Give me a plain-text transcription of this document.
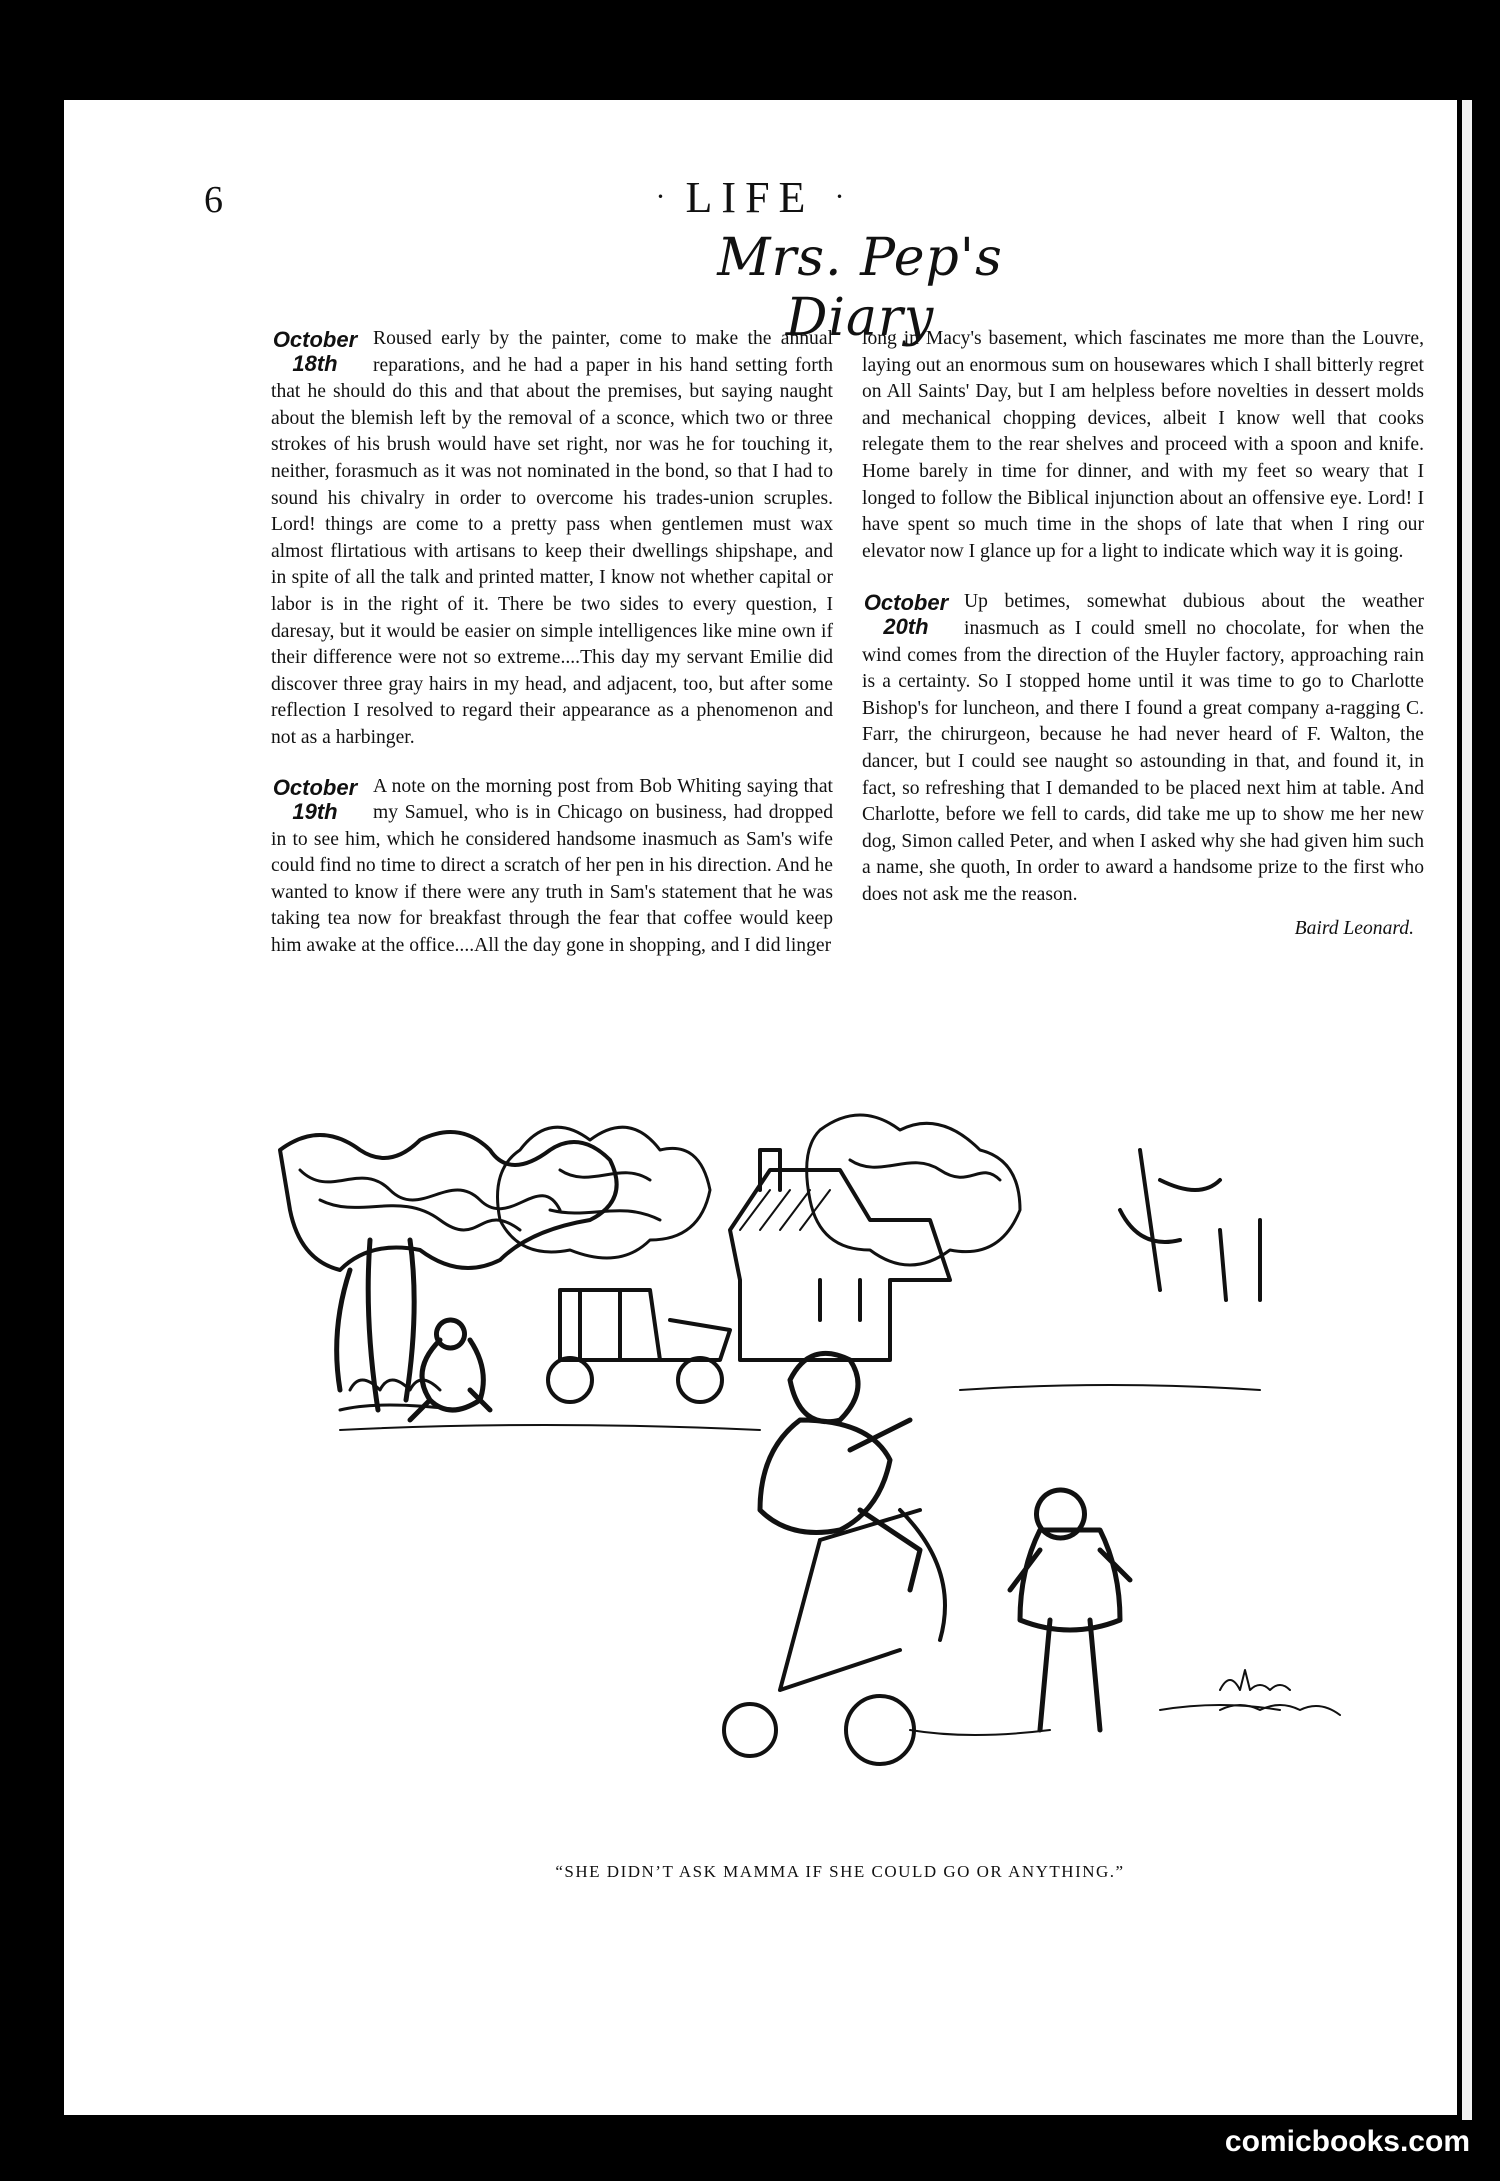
6	· LIFE ·
Mrs. Pep's Diary
October
18th

Roused early by the painter, come to make the annual reparations, and he had a paper in his hand setting forth that he should do this and that about the premises, but saying naught about the blemish left by the removal of a sconce, which two or three strokes of his brush would have set right, nor was he for touching it, neither, forasmuch as it was not nominated in the bond, so that I had to sound his chivalry in order to overcome his trades-union scruples. Lord! things are come to a pretty pass when gentlemen must wax almost flirtatious with artisans to keep their dwellings shipshape, and in spite of all the talk and printed matter, I know not whether capital or labor is in the right of it. There be two sides to every question, I daresay, but it would be easier on simple intelligences like mine own if their difference were not so extreme....This day my servant Emilie did discover three gray hairs in my head, and adjacent, too, but after some reflection I resolved to regard their appearance as a phenomenon and not as a harbinger.

October
19th

A note on the morning post from Bob Whiting saying that my Samuel, who is in Chicago on business, had dropped in to see him, which he considered handsome inasmuch as Sam's wife could find no time to direct a scratch of her pen in his direction. And he wanted to know if there were any truth in Sam's statement that he was taking tea now for breakfast through the fear that coffee would keep him awake at the office....All the day gone in shopping, and I did linger

long in Macy's basement, which fascinates me more than the Louvre, laying out an enormous sum on housewares which I shall bitterly regret on All Saints' Day, but I am helpless before novelties in dessert molds and mechanical chopping devices, albeit I know well that cooks relegate them to the rear shelves and proceed with a spoon and knife. Home barely in time for dinner, and with my feet so weary that I longed to follow the Biblical injunction about an offensive eye. Lord! I have spent so much time in the shops of late that when I ring our elevator now I glance up for a light to indicate which way it is going.

October
20th

Up betimes, somewhat dubious about the weather inasmuch as I could smell no chocolate, for when the wind comes from the direction of the Huyler factory, approaching rain is a certainty. So I stopped home until it was time to go to Charlotte Bishop's for luncheon, and there I found a great company a-ragging C. Farr, the chirurgeon, because he had never heard of F. Walton, the dancer, but I could see naught so astounding in that, and found it, in fact, so refreshing that I demanded to be placed next him at table. And Charlotte, before we fell to cards, did take me up to show me her new dog, Simon called Peter, and when I asked why she had given him such a name, she quoth, In order to award a handsome prize to the first who does not ask me the reason.

Baird Leonard.
“SHE DIDN’T ASK MAMMA IF SHE COULD GO OR ANYTHING.”
comicbooks.com
